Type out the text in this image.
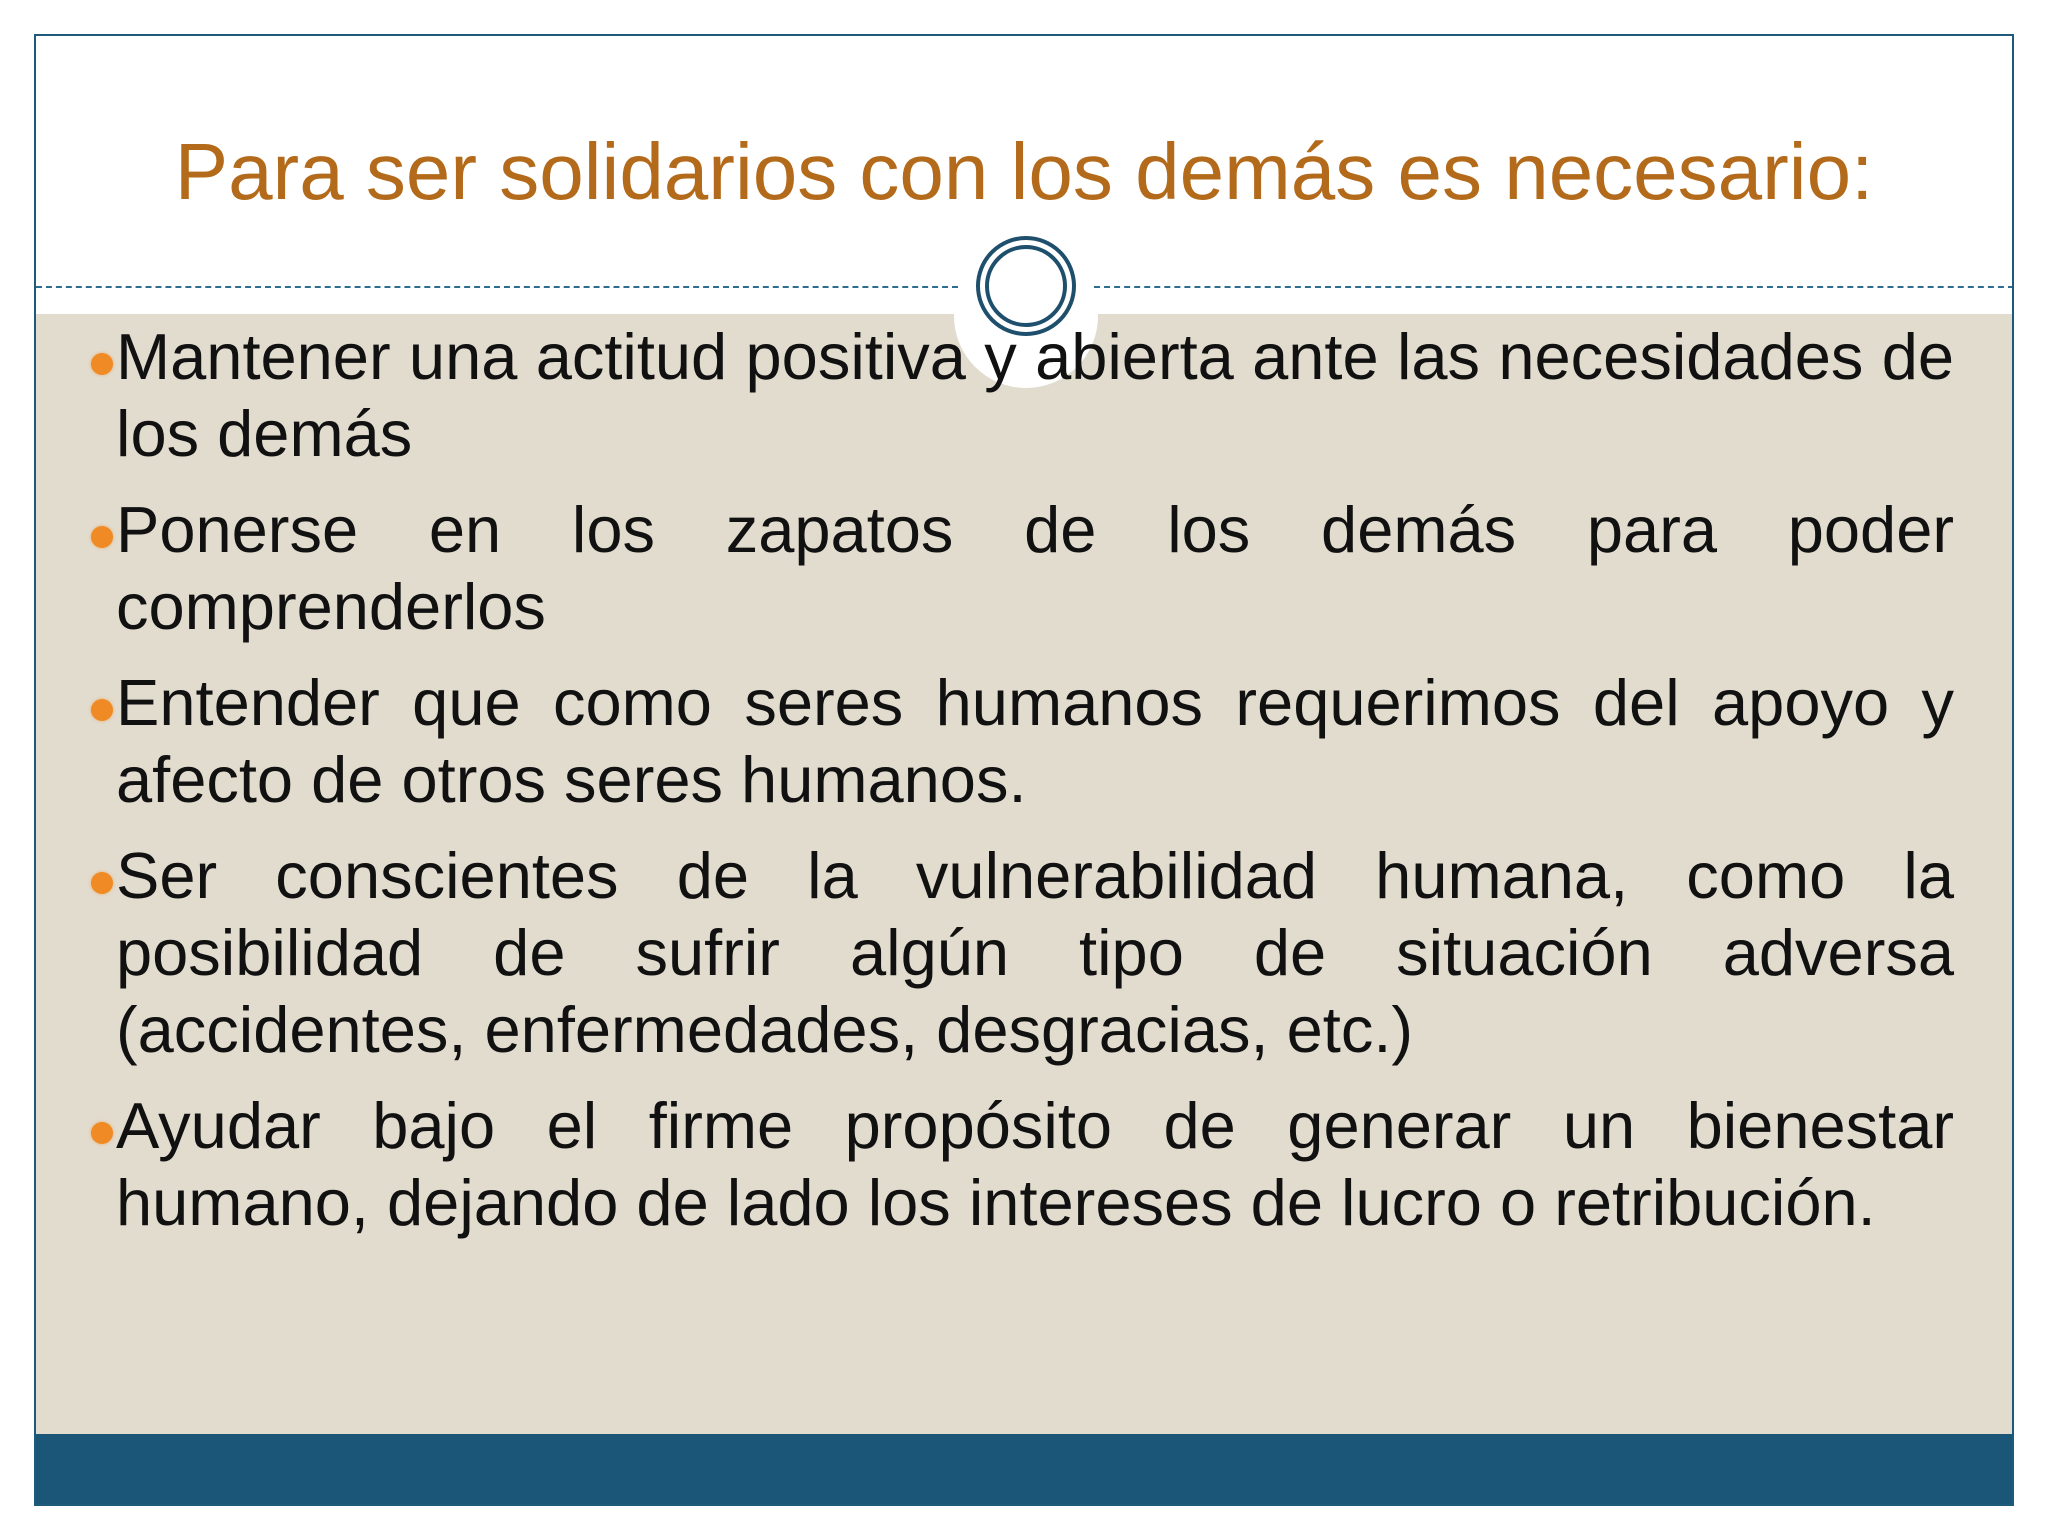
Para ser solidarios con los demás es necesario:
Mantener una actitud positiva y abierta ante las necesidades de los demás
Ponerse en los zapatos de los demás para poder comprenderlos
Entender que como seres humanos requerimos del apoyo y afecto de otros seres humanos.
Ser conscientes de la vulnerabilidad humana, como la posibilidad de sufrir algún tipo de situación adversa (accidentes, enfermedades, desgracias, etc.)
Ayudar bajo el firme propósito de generar un bienestar humano, dejando de lado los intereses de lucro o retribución.
